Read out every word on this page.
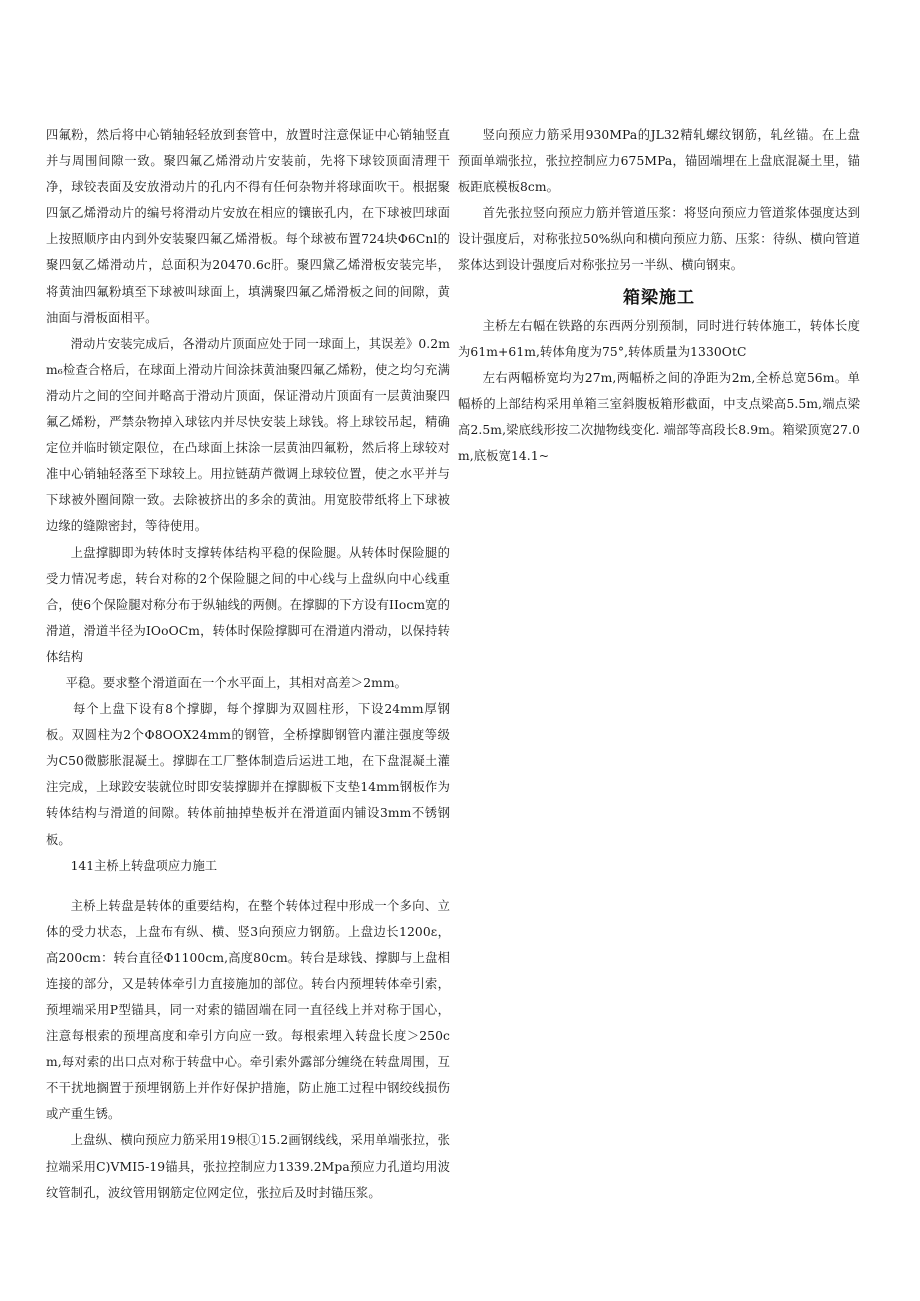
四氟粉，然后将中心销轴轻轻放到套管中，放置时注意保证中心销轴竖直并与周围间隙一致。聚四氟乙烯滑动片安装前，先将下球铰顶面清理干净，球铰表面及安放滑动片的孔内不得有任何杂物并将球面吹干。根据聚四氯乙烯滑动片的编号将滑动片安放在相应的镶嵌孔内，在下球被凹球面上按照顺序由内到外安装聚四氟乙烯滑板。每个球被布置724块Φ6Cnl的聚四氨乙烯滑动片，总面积为20470.6c肝。聚四黛乙烯滑板安装完毕，将黄油四氟粉填至下球被叫球面上，填满聚四氟乙烯滑板之间的间隙，黄油面与滑板面相平。

滑动片安装完成后，各滑动片顶面应处于同一球面上，其误差》0.2mm₆检查合格后，在球面上滑动片间涂抹黄油聚四氟乙烯粉，使之均匀充满滑动片之间的空间并略高于滑动片顶面，保证滑动片顶面有一层黄油聚四氟乙烯粉，严禁杂物掉入球铉内并尽快安装上球钱。将上球铰吊起，精确定位并临时锁定限位，在凸球面上抹涂一层黄油四氟粉，然后将上球较对准中心销轴轻落至下球较上。用拉链葫芦微调上球较位置，使之水平并与下球被外圈间隙一致。去除被挤出的多余的黄油。用宽胶带纸将上下球被边缘的缝隙密封，等待使用。

上盘撑脚即为转体时支撑转体结构平稳的保险腿。从转体时保险腿的受力情况考虑，转台对称的2个保险腿之间的中心线与上盘纵向中心线重合，使6个保险腿对称分布于纵轴线的两侧。在撑脚的下方设有IIocm宽的滑道，滑道半径为IOoOCm，转体时保险撑脚可在滑道内滑动，以保持转体结构

平稳。要求整个滑道面在一个水平面上，其相对高差＞2mm。

每个上盘下设有8个撑脚，每个撑脚为双圆柱形，下设24mm厚钢板。双圆柱为2个Φ8OOX24mm的钢管，全桥撑脚钢管内灌注强度等级为C50微膨胀混凝土。撑脚在工厂整体制造后运进工地，在下盘混凝土灌注完成，上球跤安装就位时即安装撑脚并在撑脚板下支垫14mm钢板作为转体结构与滑道的间隙。转体前抽掉垫板并在滑道面内铺设3mm不锈钢板。

141主桥上转盘项应力施工

主桥上转盘是转体的重要结构，在整个转体过程中形成一个多向、立体的受力状态，上盘布有纵、横、竖3向预应力钢筋。上盘边长1200ε，高200cm：转台直径Φ1100cm,高度80cm。转台是球钱、撑脚与上盘相连接的部分，又是转体牵引力直接施加的部位。转台内预埋转体牵引索，预埋端采用P型锚具，同一对索的锚固端在同一直径线上并对称于国心，注意每根索的预埋高度和牵引方向应一致。每根索埋入转盘长度＞250cm,每对索的出口点对称于转盘中心。牵引索外露部分缠绕在转盘周围，互不干扰地搁置于预埋钢筋上并作好保护措施，防止施工过程中钢绞线损伤或产重生锈。

上盘纵、横向预应力筋采用19根①15.2画钢线线，采用单端张拉，张拉端采用C)VMI5-19锚具，张拉控制应力1339.2Mpa预应力孔道均用波纹管制孔，波纹管用钢筋定位网定位，张拉后及时封锚压浆。

竖向预应力筋采用930MPa的JL32精轧螺纹钢筋，轧丝锚。在上盘预面单端张拉，张拉控制应力675MPa，锚固端埋在上盘底混凝土里，锚板距底模板8cm。

首先张拉竖向预应力筋并管道压浆：将竖向预应力管道浆体强度达到设计强度后，对称张拉50%纵向和横向预应力筋、压浆：待纵、横向管道浆体达到设计强度后对称张拉另一半纵、横向钢束。

箱梁施工

主桥左右幅在铁路的东西两分别预制，同时进行转体施工，转体长度为61m+61m,转体角度为75°,转体质量为1330OtC

左右两幅桥宽均为27m,两幅桥之间的净距为2m,全桥总宽56m。单幅桥的上部结构采用单箱三室斜腹板箱形截面，中支点梁高5.5m,端点梁高2.5m,梁底线形按二次抛物线变化. 端部等高段长8.9m。箱梁顶宽27.0m,底板宽14.1~
